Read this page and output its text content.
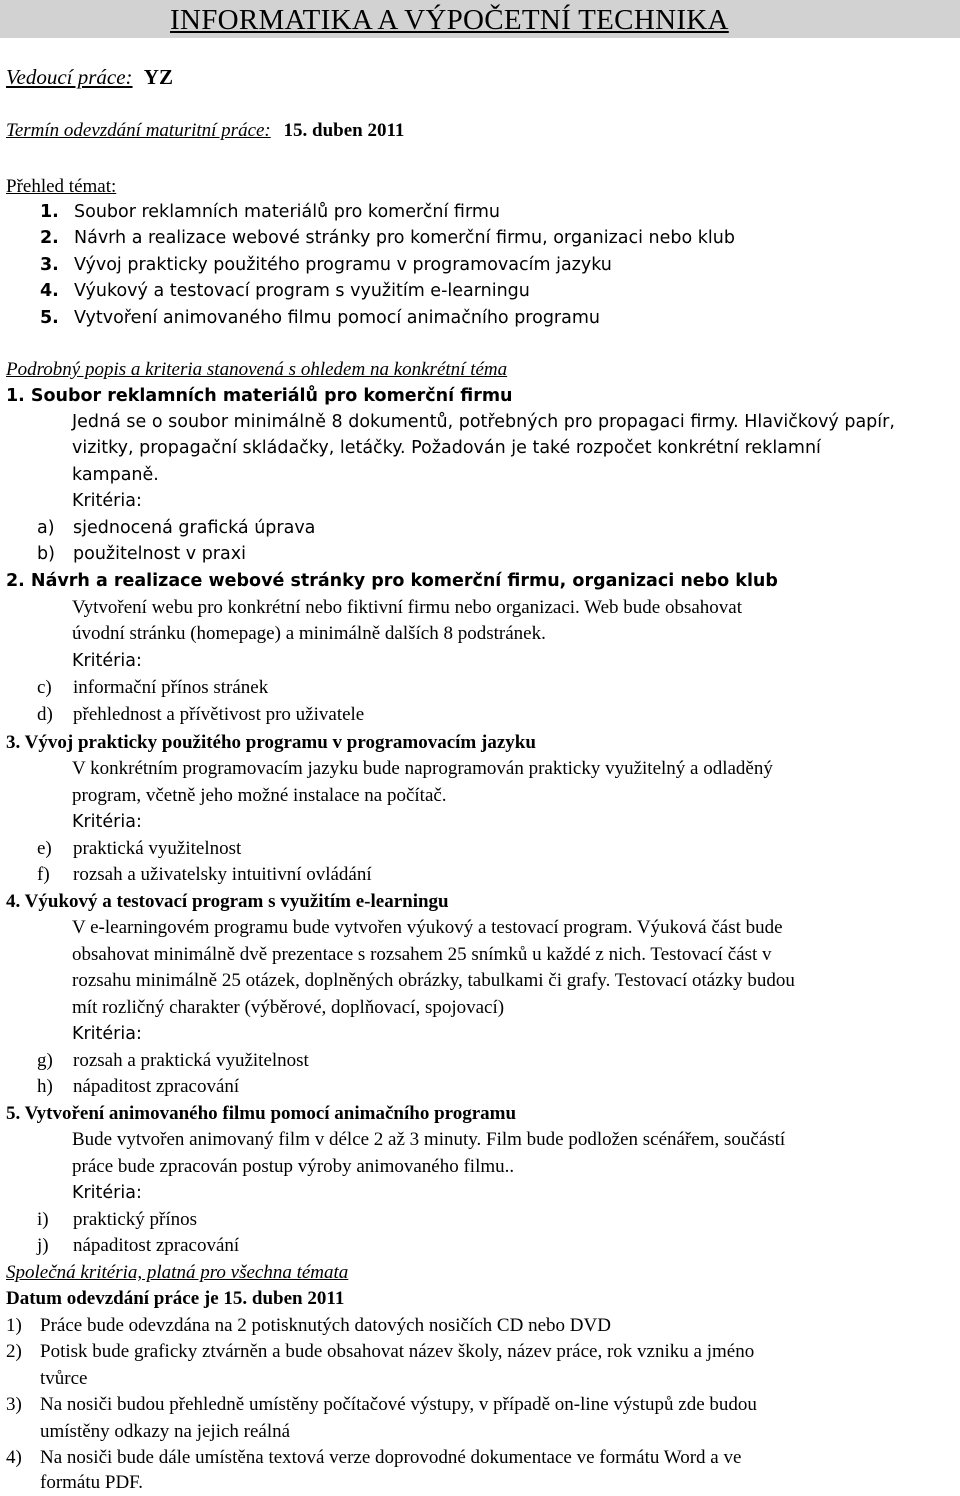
INFORMATIKA A VÝPOČETNÍ TECHNIKA
Vedoucí práce: YZ
Termín odevzdání maturitní práce: 15. duben 2011
Přehled témat:
1. Soubor reklamních materiálů pro komerční firmu
2. Návrh a realizace webové stránky pro komerční firmu, organizaci nebo klub
3. Vývoj prakticky použitého programu v programovacím jazyku
4. Výukový a testovací program s využitím e-learningu
5. Vytvoření animovaného filmu pomocí animačního programu
Podrobný popis a kriteria stanovená s ohledem na konkrétní téma
1. Soubor reklamních materiálů pro komerční firmu
Jedná se o soubor minimálně 8 dokumentů, potřebných pro propagaci firmy. Hlavičkový papír,
vizitky, propagační skládačky, letáčky. Požadován je také rozpočet konkrétní reklamní
kampaně.
Kritéria:
a) sjednocená grafická úprava
b) použitelnost v praxi
2. Návrh a realizace webové stránky pro komerční firmu, organizaci nebo klub
Vytvoření webu pro konkrétní nebo fiktivní firmu nebo organizaci. Web bude obsahovat
úvodní stránku (homepage) a minimálně dalších 8 podstránek.
Kritéria:
c) informační přínos stránek
d) přehlednost a přívětivost pro uživatele
3. Vývoj prakticky použitého programu v programovacím jazyku
V konkrétním programovacím jazyku bude naprogramován prakticky využitelný a odladěný
program, včetně jeho možné instalace na počítač.
Kritéria:
e) praktická využitelnost
f) rozsah a uživatelsky intuitivní ovládání
4. Výukový a testovací program s využitím e-learningu
V e-learningovém programu bude vytvořen výukový a testovací program. Výuková část bude
obsahovat minimálně dvě prezentace s rozsahem 25 snímků u každé z nich. Testovací část v
rozsahu minimálně 25 otázek, doplněných obrázky, tabulkami či grafy. Testovací otázky budou
mít rozličný charakter (výběrové, doplňovací, spojovací)
Kritéria:
g) rozsah a praktická využitelnost
h) nápaditost zpracování
5. Vytvoření animovaného filmu pomocí animačního programu
Bude vytvořen animovaný film v délce 2 až 3 minuty. Film bude podložen scénářem, součástí
práce bude zpracován postup výroby animovaného filmu..
Kritéria:
i) praktický přínos
j) nápaditost zpracování
Společná kritéria, platná pro všechna témata
Datum odevzdání práce je 15. duben 2011
1) Práce bude odevzdána na 2 potisknutých datových nosičích CD nebo DVD
2) Potisk bude graficky ztvárněn a bude obsahovat název školy, název práce, rok vzniku a jméno
tvůrce
3) Na nosiči budou přehledně umístěny počítačové výstupy, v případě on-line výstupů zde budou
umístěny odkazy na jejich reálná
4) Na nosiči bude dále umístěna textová verze doprovodné dokumentace ve formátu Word a ve
formátu PDF.
